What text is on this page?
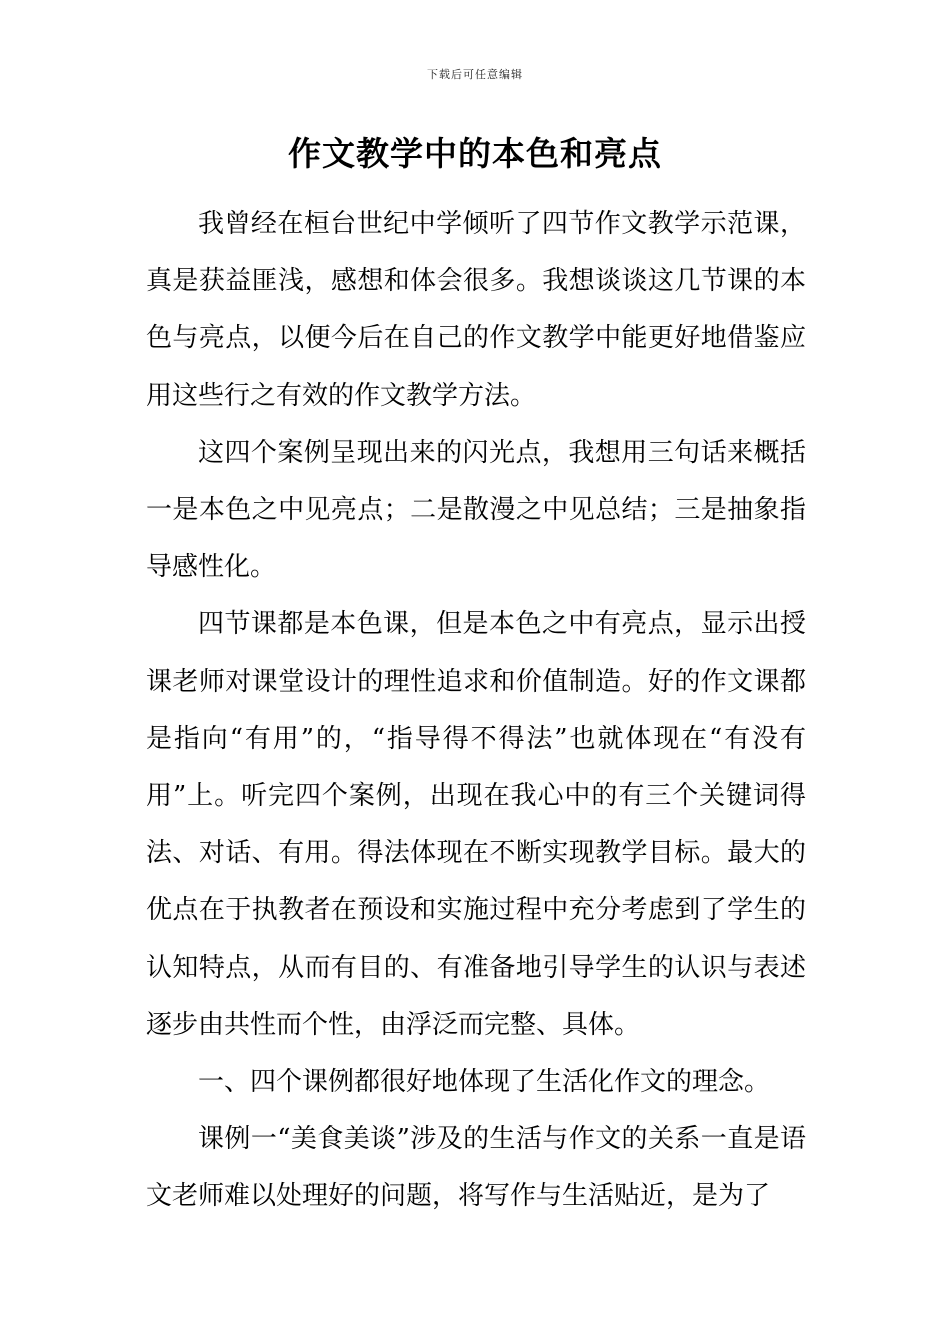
下载后可任意编辑
作文教学中的本色和亮点

我曾经在桓台世纪中学倾听了四节作文教学示范课，真是获益匪浅，感想和体会很多。我想谈谈这几节课的本色与亮点，以便今后在自己的作文教学中能更好地借鉴应用这些行之有效的作文教学方法。

这四个案例呈现出来的闪光点，我想用三句话来概括一是本色之中见亮点；二是散漫之中见总结；三是抽象指导感性化。

四节课都是本色课，但是本色之中有亮点，显示出授课老师对课堂设计的理性追求和价值制造。好的作文课都是指向“有用”的，“指导得不得法”也就体现在“有没有用”上。听完四个案例，出现在我心中的有三个关键词得法、对话、有用。得法体现在不断实现教学目标。最大的优点在于执教者在预设和实施过程中充分考虑到了学生的认知特点，从而有目的、有准备地引导学生的认识与表述逐步由共性而个性，由浮泛而完整、具体。

一、四个课例都很好地体现了生活化作文的理念。

课例一“美食美谈”涉及的生活与作文的关系一直是语文老师难以处理好的问题，将写作与生活贴近，是为了
